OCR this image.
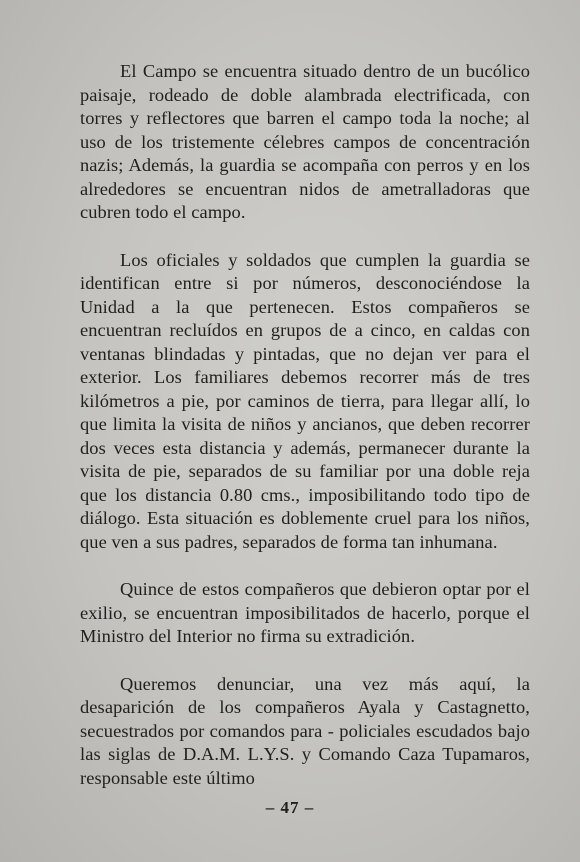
El Campo se encuentra situado dentro de un bucólico paisaje, rodeado de doble alambrada electrificada, con torres y reflectores que barren el campo toda la noche; al uso de los tristemente célebres campos de concentración nazis; Además, la guardia se acompaña con perros y en los alrededores se encuentran nidos de ametralladoras que cubren todo el campo.

Los oficiales y soldados que cumplen la guardia se identifican entre si por números, desconociéndose la Unidad a la que pertenecen. Estos compañeros se encuentran recluídos en grupos de a cinco, en caldas con ventanas blindadas y pintadas, que no dejan ver para el exterior. Los familiares debemos recorrer más de tres kilómetros a pie, por caminos de tierra, para llegar allí, lo que limita la visita de niños y ancianos, que deben recorrer dos veces esta distancia y además, permanecer durante la visita de pie, separados de su familiar por una doble reja que los distancia 0.80 cms., imposibilitando todo tipo de diálogo. Esta situación es doblemente cruel para los niños, que ven a sus padres, separados de forma tan inhumana.

Quince de estos compañeros que debieron optar por el exilio, se encuentran imposibilitados de hacerlo, porque el Ministro del Interior no firma su extradición.

Queremos denunciar, una vez más aquí, la desaparición de los compañeros Ayala y Castagnetto, secuestrados por comandos para - policiales escudados bajo las siglas de D.A.M. L.Y.S. y Comando Caza Tupamaros, responsable este último

– 47 –
